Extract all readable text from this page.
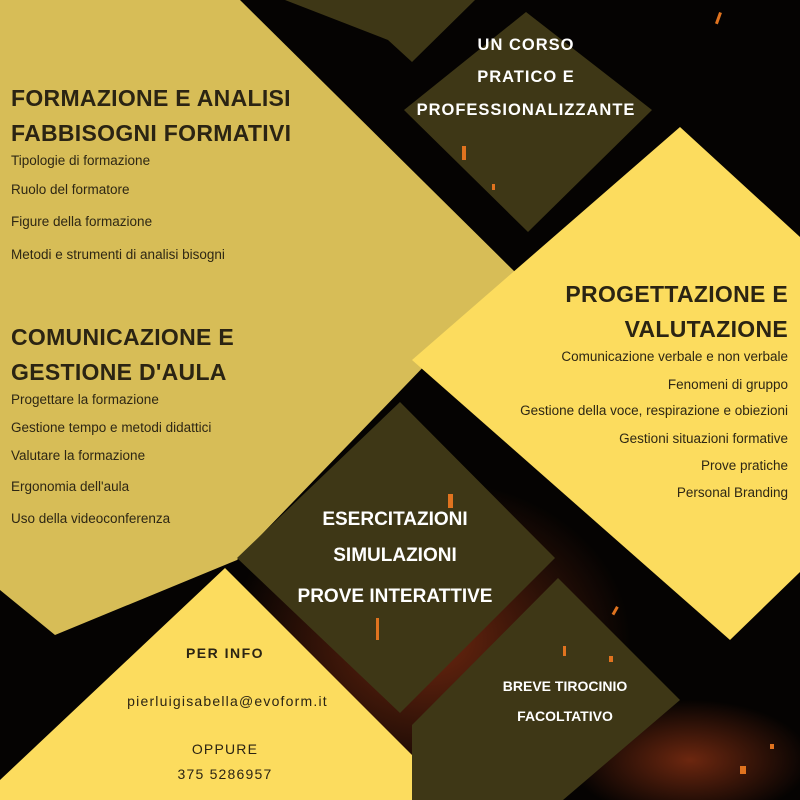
UN CORSO

PRATICO E

PROFESSIONALIZZANTE

FORMAZIONE E ANALISI

FABBISOGNI FORMATIVI

Tipologie di formazione

Ruolo del formatore

Figure della formazione

Metodi e strumenti di analisi bisogni

COMUNICAZIONE E

GESTIONE D'AULA

Progettare la formazione

Gestione tempo e metodi didattici

Valutare la formazione

Ergonomia dell'aula

Uso della videoconferenza

PROGETTAZIONE E

VALUTAZIONE

Comunicazione verbale e non verbale

Fenomeni di gruppo

Gestione della voce, respirazione e obiezioni

Gestioni situazioni formative

Prove pratiche

Personal Branding

ESERCITAZIONI

SIMULAZIONI

PROVE INTERATTIVE

PER INFO

pierluigisabella@evoform.it

OPPURE

375 5286957

BREVE TIROCINIO

FACOLTATIVO
